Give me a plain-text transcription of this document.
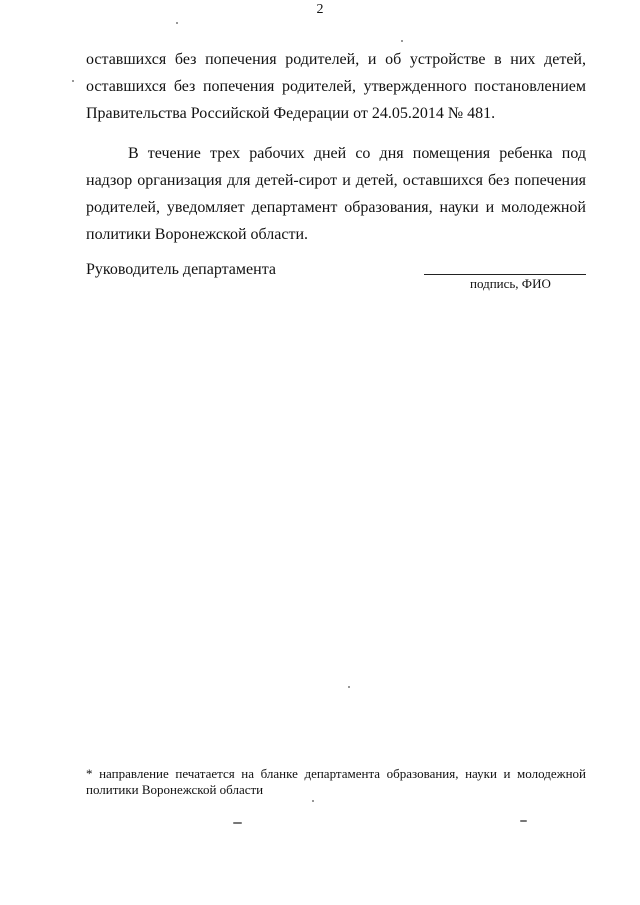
2

оставшихся без попечения родителей, и об устройстве в них детей, оставшихся без попечения родителей, утвержденного постановлением Правительства Российской Федерации от 24.05.2014 № 481.

В течение трех рабочих дней со дня помещения ребенка под надзор организация для детей-сирот и детей, оставшихся без попечения родителей, уведомляет департамент образования, науки и молодежной политики Воронежской области.

Руководитель департамента
подпись, ФИО
* направление печатается на бланке департамента образования, науки и молодежной политики Воронежской области
